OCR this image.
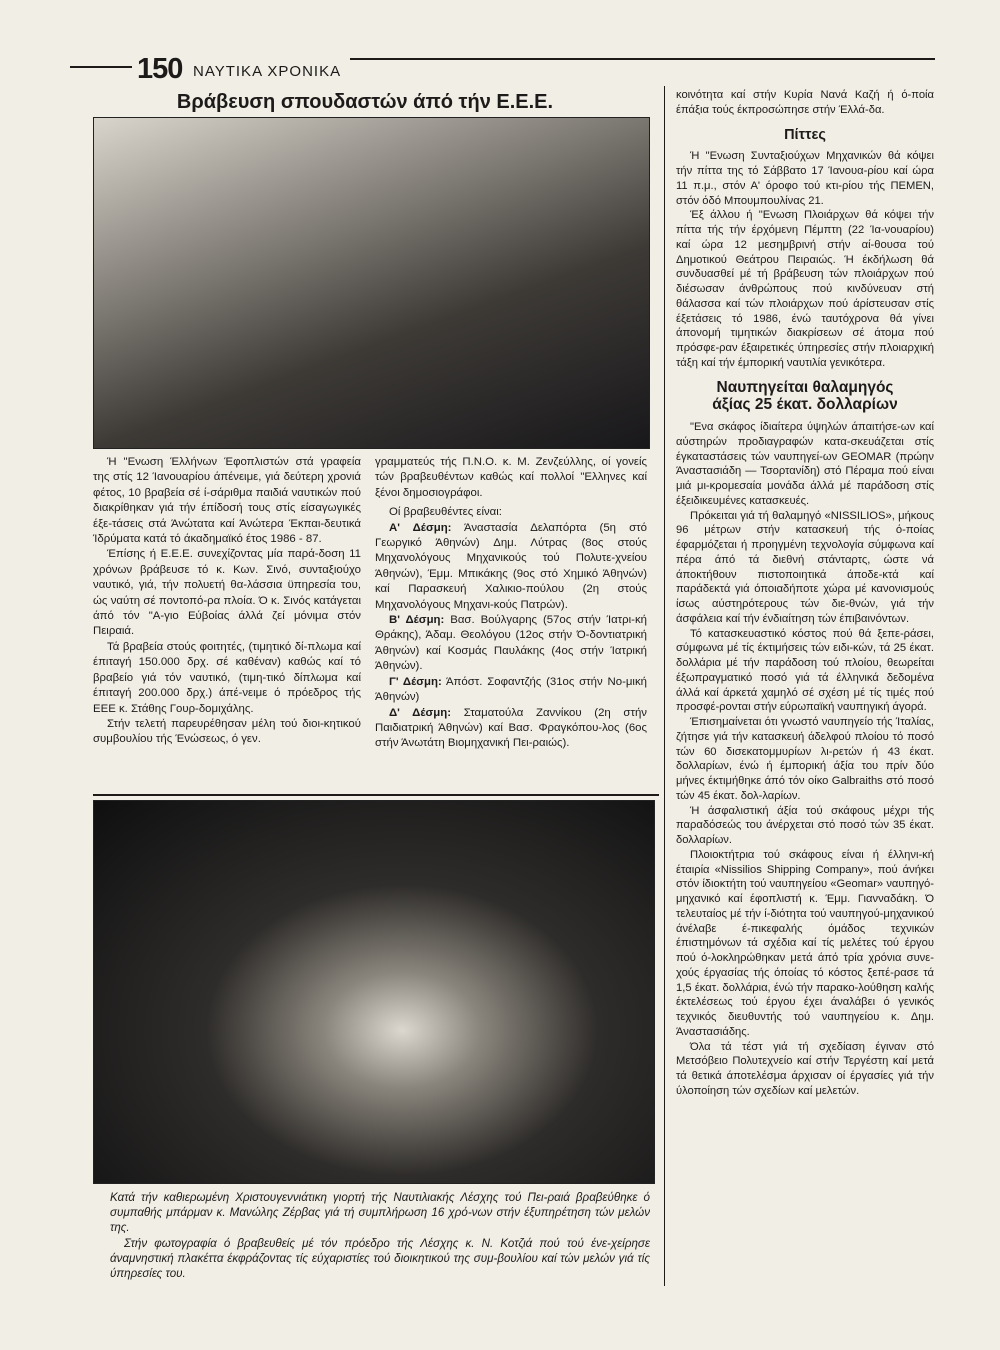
150 ΝΑΥΤΙΚΑ ΧΡΟΝΙΚΑ
Βράβευση σπουδαστών άπό τήν Ε.Ε.Ε.

Ή "Ενωση Έλλήνων Έφοπλιστών στά γραφεία της στίς 12 Ίανουαρίου άπένειμε, γιά δεύτερη χρονιά φέτος, 10 βραβεία σέ ί-σάριθμα παιδιά ναυτικών πού διακρίθηκαν γιά τήν έπίδοσή τους στίς είσαγωγικές έξε-τάσεις στά Άνώτατα καί Άνώτερα Έκπαι-δευτικά Ίδρύματα κατά τό άκαδημαϊκό έτος 1986 - 87.

Έπίσης ή Ε.Ε.Ε. συνεχίζοντας μία παρά-δοση 11 χρόνων βράβευσε τό κ. Κων. Σινό, συνταξιούχο ναυτικό, γιά, τήν πολυετή θα-λάσσια ϋπηρεσία του, ώς ναύτη σέ ποντοπό-ρα πλοία. Ό κ. Σινός κατάγεται άπό τόν "Α-γιο Εύβοίας άλλά ζεί μόνιμα στόν Πειραιά.

Τά βραβεία στούς φοιτητές, (τιμητικό δί-πλωμα καί έπιταγή 150.000 δρχ. σέ καθέναν) καθώς καί τό βραβείο γιά τόν ναυτικό, (τιμη-τικό δίπλωμα καί έπιταγή 200.000 δρχ.) άπέ-νειμε ό πρόεδρος τής ΕΕΕ κ. Στάθης Γουρ-δομιχάλης.

Στήν τελετή παρευρέθησαν μέλη τού διοι-κητικού συμβουλίου τής Ένώσεως, ό γεν.

γραμματεύς τής Π.Ν.Ο. κ. Μ. Ζενζεύλλης, οί γονείς τών βραβευθέντων καθώς καί πολλοί "Ελληνες καί ξένοι δημοσιογράφοι.

Οί βραβευθέντες είναι:

Α' Δέσμη: Άναστασία Δελαπόρτα (5η στό Γεωργικό Άθηνών) Δημ. Λύτρας (8ος στούς Μηχανολόγους Μηχανικούς τού Πολυτε-χνείου Άθηνών), Έμμ. Μπικάκης (9ος στό Χημικό Άθηνών) καί Παρασκευή Χαλικιο-πούλου (2η στούς Μηχανολόγους Μηχανι-κούς Πατρών).

Β' Δέσμη: Βασ. Βούλγαρης (57ος στήν Ίατρι-κή Θράκης), Άδαμ. Θεολόγου (12ος στήν Ό-δοντιατρική Άθηνών) καί Κοσμάς Παυλάκης (4ος στήν Ίατρική Άθηνών).

Γ' Δέσμη: Άπόστ. Σοφαντζής (31ος στήν Νο-μική Άθηνών)

Δ' Δέσμη: Σταματούλα Ζαννίκου (2η στήν Παιδιατρική Άθηνών) καί Βασ. Φραγκόπου-λος (6ος στήν Άνωτάτη Βιομηχανική Πει-ραιώς).

Κατά τήν καθιερωμένη Χριστουγεννιάτικη γιορτή τής Ναυτιλιακής Λέσχης τού Πει-ραιά βραβεύθηκε ό συμπαθής μπάρμαν κ. Μανώλης Ζέρβας γιά τή συμπλήρωση 16 χρό-νων στήν έξυπηρέτηση τών μελών της.

Στήν φωτογραφία ό βραβευθείς μέ τόν πρόεδρο τής Λέσχης κ. Ν. Κοτζιά πού τού ένε-χείρησε άναμνηστική πλακέττα έκφράζοντας τίς εύχαριστίες τού διοικητικού της συμ-βουλίου καί τών μελών γιά τίς ύπηρεσίες του.

κοινότητα καί στήν Κυρία Νανά Καζή ή ό-ποία έπάξια τούς έκπροσώπησε στήν Έλλά-δα.

Πίττες

Ή "Ενωση Συνταξιούχων Μηχανικών θά κόψει τήν πίττα της τό Σάββατο 17 Ίανουα-ρίου καί ώρα 11 π.μ., στόν Α' όροφο τού κτι-ρίου τής ΠΕΜΕΝ, στόν όδό Μπουμπουλίνας 21.

Έξ άλλου ή "Ενωση Πλοιάρχων θά κόψει τήν πίττα τής τήν έρχόμενη Πέμπτη (22 Ία-νουαρίου) καί ώρα 12 μεσημβρινή στήν αί-θουσα τού Δημοτικού Θεάτρου Πειραιώς. Ή έκδήλωση θά συνδυασθεί μέ τή βράβευση τών πλοιάρχων πού διέσωσαν άνθρώπους πού κινδύνευαν στή θάλασσα καί τών πλοιάρχων πού άρίστευσαν στίς έξετάσεις τό 1986, ένώ ταυτόχρονα θά γίνει άπονομή τιμητικών διακρίσεων σέ άτομα πού πρόσφε-ραν έξαιρετικές ύπηρεσίες στήν πλοιαρχική τάξη καί τήν έμπορική ναυτιλία γενικότερα.

Ναυπηγείται θαλαμηγός
άξίας 25 έκατ. δολλαρίων

"Ενα σκάφος ίδιαίτερα ύψηλών άπαιτήσε-ων καί αύστηρών προδιαγραφών κατα-σκευάζεται στίς έγκαταστάσεις τών ναυπηγεί-ων GEOMAR (πρώην Άναστασιάδη — Τσορτανίδη) στό Πέραμα πού είναι μιά μι-κρομεσαία μονάδα άλλά μέ παράδοση στίς έξειδικευμένες κατασκευές.

Πρόκειται γιά τή θαλαμηγό «NISSILIOS», μήκους 96 μέτρων στήν κατασκευή τής ό-ποίας έφαρμόζεται ή προηγμένη τεχνολογία σύμφωνα καί πέρα άπό τά διεθνή στάνταρτς, ώστε νά άποκτήθουν πιστοποιητικά άποδε-κτά καί παράδεκτά γιά όποιαδήποτε χώρα μέ κανονισμούς ίσως αύστηρότερους τών διε-θνών, γιά τήν άσφάλεια καί τήν ένδιαίτηση τών έπιβαινόντων.

Τό κατασκευαστικό κόστος πού θά ξεπε-ράσει, σύμφωνα μέ τίς έκτιμήσεις τών ειδι-κών, τά 25 έκατ. δολλάρια μέ τήν παράδοση τού πλοίου, θεωρείται έξωπραγματικό ποσό γιά τά έλληνικά δεδομένα άλλά καί άρκετά χαμηλό σέ σχέση μέ τίς τιμές πού προσφέ-ρονται στήν εύρωπαϊκή ναυπηγική άγορά.

Έπισημαίνεται ότι γνωστό ναυπηγείο τής Ίταλίας, ζήτησε γιά τήν κατασκευή άδελφού πλοίου τό ποσό τών 60 δισεκατομμυρίων λι-ρετών ή 43 έκατ. δολλαρίων, ένώ ή έμπορική άξία του πρίν δύο μήνες έκτιμήθηκε άπό τόν οίκο Galbraiths στό ποσό τών 45 έκατ. δολ-λαρίων.

Ή άσφαλιστική άξία τού σκάφους μέχρι τής παραδόσεώς του άνέρχεται στό ποσό τών 35 έκατ. δολλαρίων.

Πλοιοκτήτρια τού σκάφους είναι ή έλληνι-κή έταιρία «Nissilios Shipping Company», πού άνήκει στόν ίδιοκτήτη τού ναυπηγείου «Geomar» ναυπηγό-μηχανικό καί έφοπλιστή κ. Έμμ. Γιανναδάκη. Ό τελευταίος μέ τήν ί-διότητα τού ναυπηγού-μηχανικού άνέλαβε έ-πικεφαλής όμάδος τεχνικών έπιστημόνων τά σχέδια καί τίς μελέτες τού έργου πού ό-λοκληρώθηκαν μετά άπό τρία χρόνια συνε-χούς έργασίας τής όποίας τό κόστος ξεπέ-ρασε τά 1,5 έκατ. δολλάρια, ένώ τήν παρακο-λούθηση καλής έκτελέσεως τού έργου έχει άναλάβει ό γενικός τεχνικός διευθυντής τού ναυπηγείου κ. Δημ. Άναστασιάδης.

Όλα τά τέστ γιά τή σχεδίαση έγιναν στό Μετσόβειο Πολυτεχνείο καί στήν Τεργέστη καί μετά τά θετικά άποτελέσμα άρχισαν οί έργασίες γιά τήν ύλοποίηση τών σχεδίων καί μελετών.
